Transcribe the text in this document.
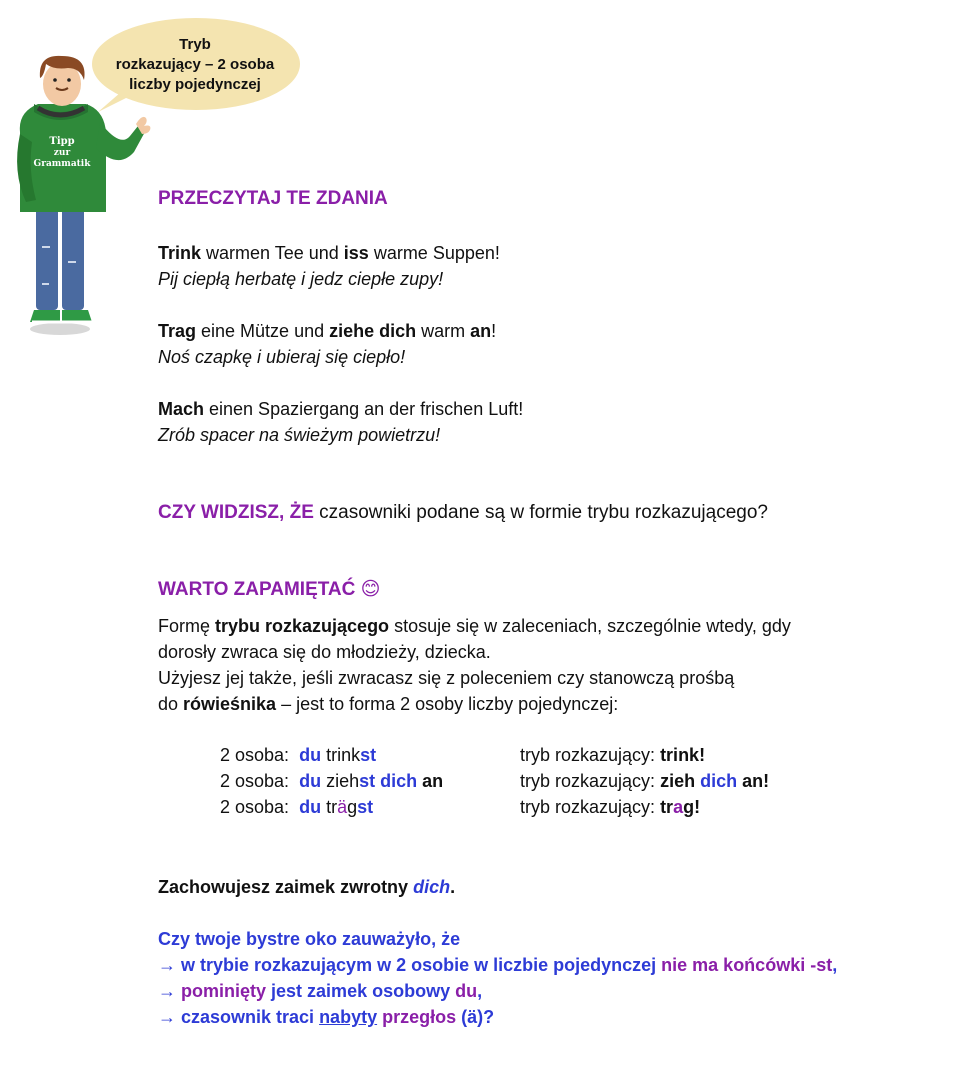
Tryb
rozkazujący – 2 osoba
liczby pojedynczej
Tipp
zur
Grammatik
PRZECZYTAJ TE ZDANIA
Trink warmen Tee und iss warme Suppen!
Pij ciepłą herbatę i jedz ciepłe zupy!
Trag eine Mütze und ziehe dich warm an!
Noś czapkę i ubieraj się ciepło!
Mach einen Spaziergang an der frischen Luft!
Zrób spacer na świeżym powietrzu!
CZY WIDZISZ, ŻE czasowniki podane są w formie trybu rozkazującego?
WARTO ZAPAMIĘTAĆ 😊
Formę trybu rozkazującego stosuje się w zaleceniach, szczególnie wtedy, gdy
dorosły zwraca się do młodzieży, dziecka.
Użyjesz jej także, jeśli zwracasz się z poleceniem czy stanowczą prośbą
do rówieśnika – jest to forma 2 osoby liczby pojedynczej:
2 osoba: du trinkst	tryb rozkazujący: trink!
2 osoba: du ziehst dich an	tryb rozkazujący: zieh dich an!
2 osoba: du trägst	tryb rozkazujący: trag!
Zachowujesz zaimek zwrotny dich.
Czy twoje bystre oko zauważyło, że
→ w trybie rozkazującym w 2 osobie w liczbie pojedynczej nie ma końcówki -st,
→ pominięty jest zaimek osobowy du,
→ czasownik traci nabyty przegłos (ä)?
